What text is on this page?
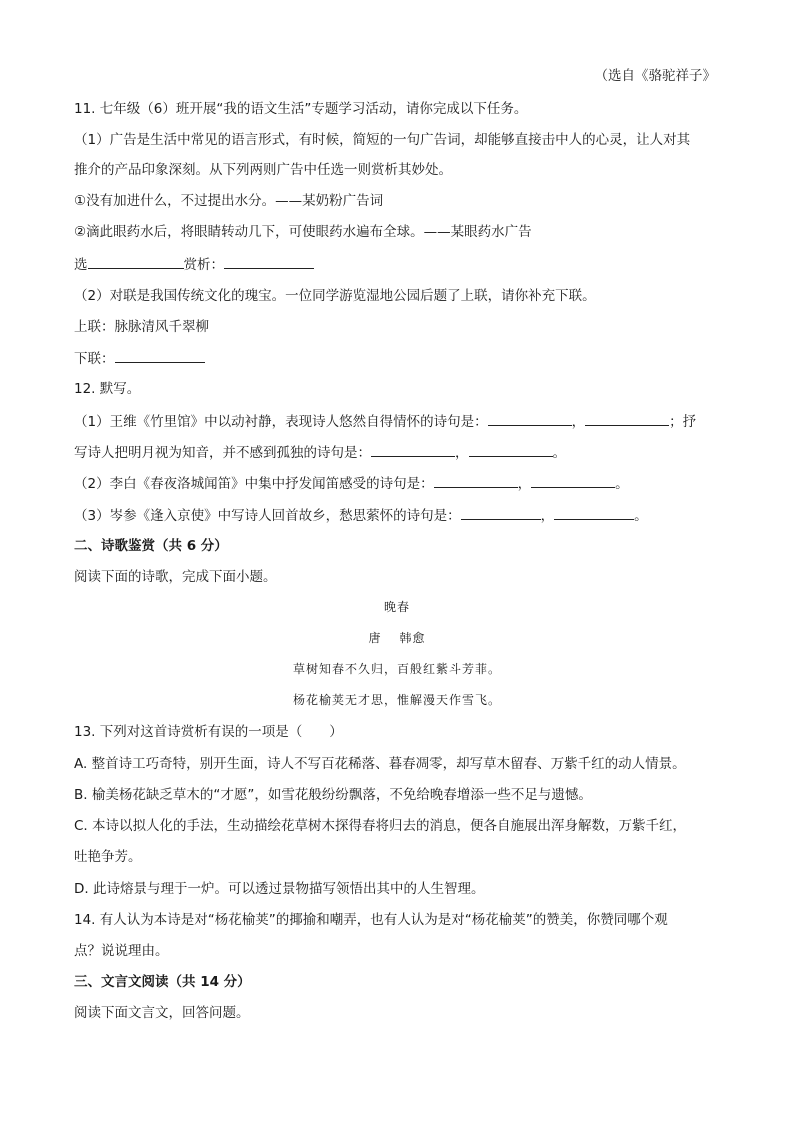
（选自《骆驼祥子》
11. 七年级（6）班开展“我的语文生活”专题学习活动，请你完成以下任务。
（1）广告是生活中常见的语言形式，有时候，简短的一句广告词，却能够直接击中人的心灵，让人对其
推介的产品印象深刻。从下列两则广告中任选一则赏析其妙处。
①没有加进什么，不过提出水分。——某奶粉广告词
②滴此眼药水后，将眼睛转动几下，可使眼药水遍布全球。——某眼药水广告
选	赏析：
（2）对联是我国传统文化的瑰宝。一位同学游览湿地公园后题了上联，请你补充下联。
上联：脉脉清风千翠柳
下联：
12. 默写。
（1）王维《竹里馆》中以动衬静，表现诗人悠然自得情怀的诗句是：	，	；抒
写诗人把明月视为知音，并不感到孤独的诗句是：	，	。
（2）李白《春夜洛城闻笛》中集中抒发闻笛感受的诗句是：	，	。
（3）岑参《逢入京使》中写诗人回首故乡，愁思萦怀的诗句是：	，	。
二、诗歌鉴赏（共 6 分）
阅读下面的诗歌，完成下面小题。
晚春
唐 韩愈
草树知春不久归，百般红紫斗芳菲。
杨花榆荚无才思，惟解漫天作雪飞。
13. 下列对这首诗赏析有误的一项是（　　）
A. 整首诗工巧奇特，别开生面，诗人不写百花稀落、暮春凋零，却写草木留春、万紫千红的动人情景。
B. 榆美杨花缺乏草木的“才愿”，如雪花般纷纷飘落，不免给晚春增添一些不足与遗憾。
C. 本诗以拟人化的手法，生动描绘花草树木探得春将归去的消息，便各自施展出浑身解数，万紫千红，
吐艳争芳。
D. 此诗熔景与理于一炉。可以透过景物描写领悟出其中的人生智理。
14. 有人认为本诗是对“杨花榆荚”的揶揄和嘲弄，也有人认为是对“杨花榆荚”的赞美，你赞同哪个观
点？说说理由。
三、文言文阅读（共 14 分）
阅读下面文言文，回答问题。
